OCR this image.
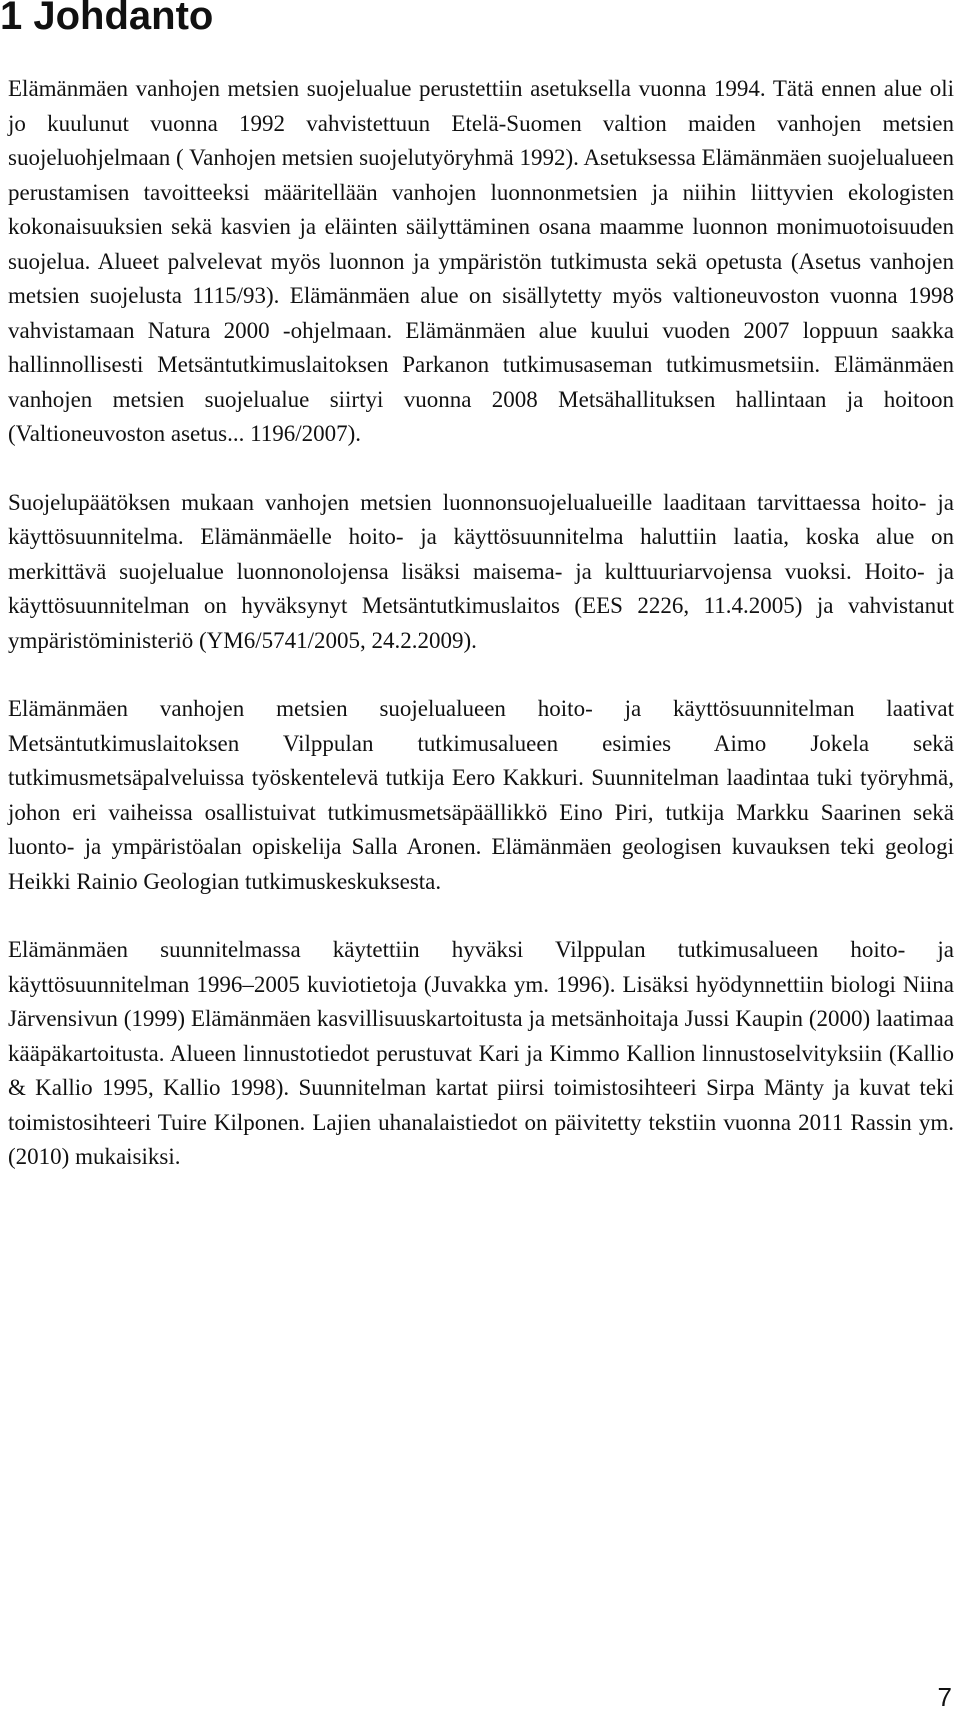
1 Johdanto

Elämänmäen vanhojen metsien suojelualue perustettiin asetuksella vuonna 1994. Tätä ennen alue oli jo kuulunut vuonna 1992 vahvistettuun Etelä-Suomen valtion maiden vanhojen metsien suojeluohjelmaan ( Vanhojen metsien suojelutyöryhmä 1992). Asetuksessa Elämänmäen suojelualueen perustamisen tavoitteeksi määritellään vanhojen luonnonmetsien ja niihin liittyvien ekologisten kokonaisuuksien sekä kasvien ja eläinten säilyttäminen osana maamme luonnon monimuotoisuuden suojelua. Alueet palvelevat myös luonnon ja ympäristön tutkimusta sekä opetusta (Asetus vanhojen metsien suojelusta 1115/93). Elämänmäen alue on sisällytetty myös valtioneuvoston vuonna 1998 vahvistamaan Natura 2000 -ohjelmaan. Elämänmäen alue kuului vuoden 2007 loppuun saakka hallinnollisesti Metsäntutkimuslaitoksen Parkanon tutkimusaseman tutkimusmetsiin. Elämänmäen vanhojen metsien suojelualue siirtyi vuonna 2008 Metsähallituksen hallintaan ja hoitoon (Valtioneuvoston asetus... 1196/2007).

Suojelupäätöksen mukaan vanhojen metsien luonnonsuojelualueille laaditaan tarvittaessa hoito- ja käyttösuunnitelma. Elämänmäelle hoito- ja käyttösuunnitelma haluttiin laatia, koska alue on merkittävä suojelualue luonnonolojensa lisäksi maisema- ja kulttuuriarvojensa vuoksi. Hoito- ja käyttösuunnitelman on hyväksynyt Metsäntutkimuslaitos (EES 2226, 11.4.2005) ja vahvistanut ympäristöministeriö (YM6/5741/2005, 24.2.2009).

Elämänmäen vanhojen metsien suojelualueen hoito- ja käyttösuunnitelman laativat Metsäntutkimuslaitoksen Vilppulan tutkimusalueen esimies Aimo Jokela sekä tutkimusmetsäpalveluissa työskentelevä tutkija Eero Kakkuri. Suunnitelman laadintaa tuki työryhmä, johon eri vaiheissa osallistuivat tutkimusmetsäpäällikkö Eino Piri, tutkija Markku Saarinen sekä luonto- ja ympäristöalan opiskelija Salla Aronen. Elämänmäen geologisen kuvauksen teki geologi Heikki Rainio Geologian tutkimuskeskuksesta.

Elämänmäen suunnitelmassa käytettiin hyväksi Vilppulan tutkimusalueen hoito- ja käyttösuunnitelman 1996–2005 kuviotietoja (Juvakka ym. 1996). Lisäksi hyödynnettiin biologi Niina Järvensivun (1999) Elämänmäen kasvillisuuskartoitusta ja metsänhoitaja Jussi Kaupin (2000) laatimaa kääpäkartoitusta. Alueen linnustotiedot perustuvat Kari ja Kimmo Kallion linnustoselvityksiin (Kallio & Kallio 1995, Kallio 1998). Suunnitelman kartat piirsi toimistosihteeri Sirpa Mänty ja kuvat teki toimistosihteeri Tuire Kilponen. Lajien uhanalaistiedot on päivitetty tekstiin vuonna 2011 Rassin ym. (2010) mukaisiksi.

7
